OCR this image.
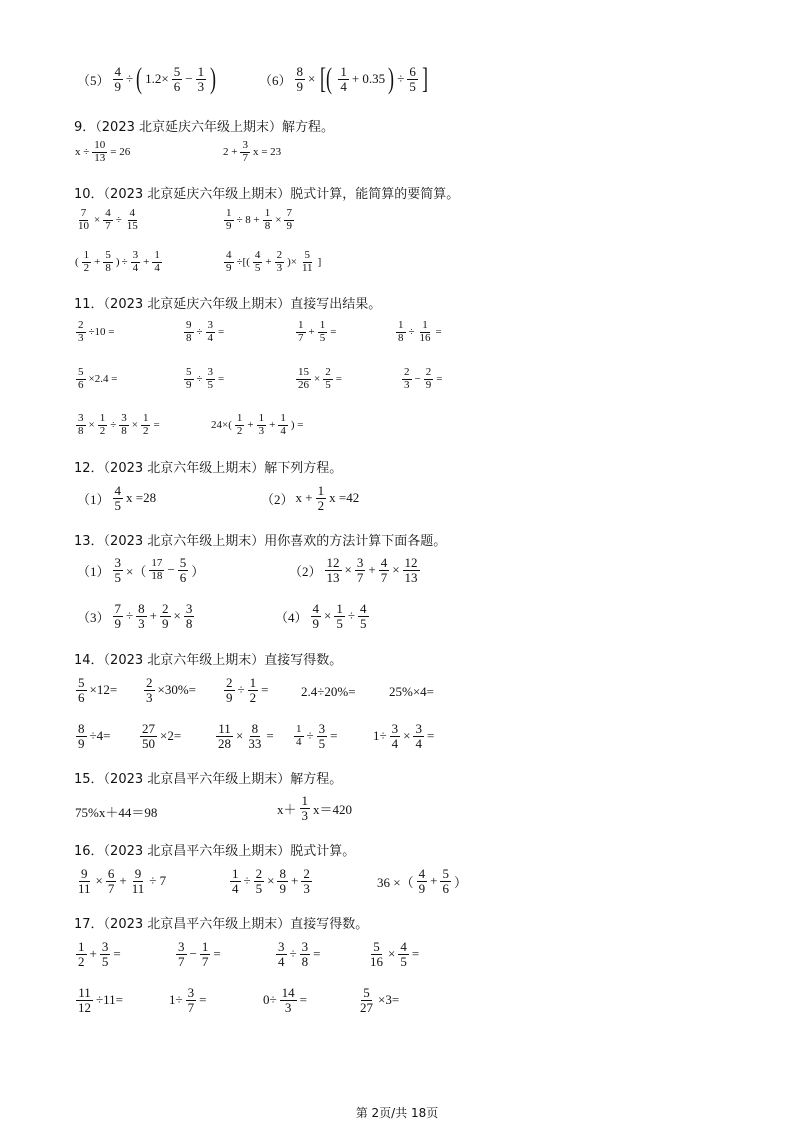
$(5) \frac{4}{9}$ ÷ ( $1.2\times \frac{5}{6} - \frac{1}{3}$ )	$(6) \frac{8}{9}$ × [( $\frac{1}{4} + 0.35$ ) ÷ $\frac{6}{5}$ ]
9．（2023 北京延庆六年级上期末）解方程。
$x \div \frac{10}{13} = 26$	$2 + \frac{3}{7}$ x = 23
10．（2023 北京延庆六年级上期末）脱式计算，能简算的要简算。
$\frac{7}{10} \times \frac{4}{7} \div \frac{4}{15}$	$\frac{1}{9} \div 8 + \frac{1}{8} \times \frac{7}{9}$
( $\frac{1}{2} + \frac{5}{8}$ ) ÷ $\frac{3}{4} + \frac{1}{4}$	$\frac{4}{9}$ ÷[( $\frac{4}{5} + \frac{2}{3}$ )× $\frac{5}{11}$ ]
11．（2023 北京延庆六年级上期末）直接写出结果。
$\frac{2}{3} \div 10$ =	$\frac{9}{8} \div \frac{3}{4}$ =	$\frac{1}{7} + \frac{1}{5}$ =	$\frac{1}{8} \div \frac{1}{16}$ =
$\frac{5}{6} \times 2.4$ =	$\frac{5}{9} \div \frac{3}{5}$ =	$\frac{15}{26} \times \frac{2}{5}$ =	$\frac{2}{3} - \frac{2}{9}$ =
$\frac{3}{8} \times \frac{1}{2} \div \frac{3}{8} \times \frac{1}{2}$ =	$24\times( \frac{1}{2} + \frac{1}{3} + \frac{1}{4}$ ) =
12．（2023 北京六年级上期末）解下列方程。
$(1) \frac{4}{5}$ x =28	（2） $x + \frac{1}{2}$ x =42
13．（2023 北京六年级上期末）用你喜欢的方法计算下面各题。
$(1) \frac{3}{5}$ ×（ $\frac{17}{18} - \frac{5}{6}$ ）	$(2) \frac{12}{13} \times \frac{3}{7} + \frac{4}{7} \times \frac{12}{13}$
$(3) \frac{7}{9} \div \frac{8}{3} + \frac{2}{9} \times \frac{3}{8}$	$(4) \frac{4}{9} \times \frac{1}{5} \div \frac{4}{5}$
14．（2023 北京六年级上期末）直接写得数。
$\frac{5}{6} \times 12= \frac{2}{3} \times 30\%= \frac{2}{9} \div \frac{1}{2}$ =	2.4÷20%=	25%×4=
$\frac{8}{9} \div 4= \frac{27}{50} \times 2=$	$\frac{11}{28} \times \frac{8}{33} = \frac{1}{4} \div \frac{3}{5}$ =	$1\div \frac{3}{4} \times \frac{3}{4}$ =
15．（2023 北京昌平六年级上期末）解方程。
75%x＋44＝98	$x+ \frac{1}{3} x=420$
16．（2023 北京昌平六年级上期末）脱式计算。
$\frac{9}{11} \times \frac{6}{7} + \frac{9}{11} \div 7$	$\frac{1}{4} \div \frac{2}{5} \times \frac{8}{9} + \frac{2}{3}$	36 ×（ $\frac{4}{9} + \frac{5}{6}$ ）
17．（2023 北京昌平六年级上期末）直接写得数。
$\frac{1}{2} + \frac{3}{5}$ =	$\frac{3}{7} - \frac{1}{7}$ =	$\frac{3}{4} \div \frac{3}{8}$ =	$\frac{5}{16} \times \frac{4}{5}$ =
$\frac{11}{12} \div 11=$	$1\div \frac{3}{7}$ =	$0\div \frac{14}{3}$ =	$\frac{5}{27} \times 3=$
第 2页/共 18页
